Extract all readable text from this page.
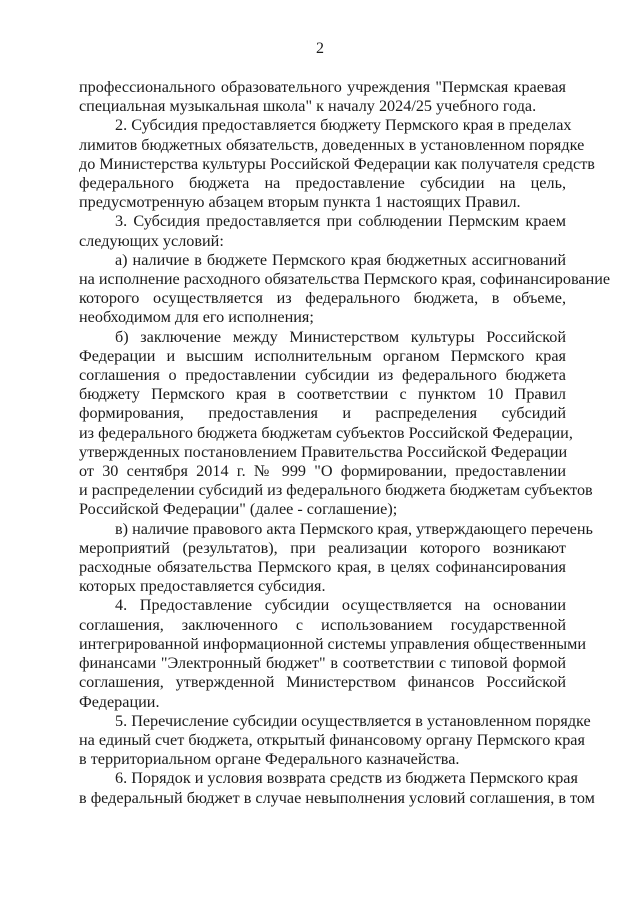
2
профессионального образовательного учреждения "Пермская краевая
специальная музыкальная школа" к началу 2024/25 учебного года.
2. Субсидия предоставляется бюджету Пермского края в пределах
лимитов бюджетных обязательств, доведенных в установленном порядке
до Министерства культуры Российской Федерации как получателя средств
федерального бюджета на предоставление субсидии на цель,
предусмотренную абзацем вторым пункта 1 настоящих Правил.
3. Субсидия предоставляется при соблюдении Пермским краем
следующих условий:
а) наличие в бюджете Пермского края бюджетных ассигнований
на исполнение расходного обязательства Пермского края, софинансирование
которого осуществляется из федерального бюджета, в объеме,
необходимом для его исполнения;
б) заключение между Министерством культуры Российской
Федерации и высшим исполнительным органом Пермского края
соглашения о предоставлении субсидии из федерального бюджета
бюджету Пермского края в соответствии с пунктом 10 Правил
формирования, предоставления и распределения субсидий
из федерального бюджета бюджетам субъектов Российской Федерации,
утвержденных постановлением Правительства Российской Федерации
от 30 сентября 2014 г. № 999 "О формировании, предоставлении
и распределении субсидий из федерального бюджета бюджетам субъектов
Российской Федерации" (далее - соглашение);
в) наличие правового акта Пермского края, утверждающего перечень
мероприятий (результатов), при реализации которого возникают
расходные обязательства Пермского края, в целях софинансирования
которых предоставляется субсидия.
4. Предоставление субсидии осуществляется на основании
соглашения, заключенного с использованием государственной
интегрированной информационной системы управления общественными
финансами "Электронный бюджет" в соответствии с типовой формой
соглашения, утвержденной Министерством финансов Российской
Федерации.
5. Перечисление субсидии осуществляется в установленном порядке
на единый счет бюджета, открытый финансовому органу Пермского края
в территориальном органе Федерального казначейства.
6. Порядок и условия возврата средств из бюджета Пермского края
в федеральный бюджет в случае невыполнения условий соглашения, в том
